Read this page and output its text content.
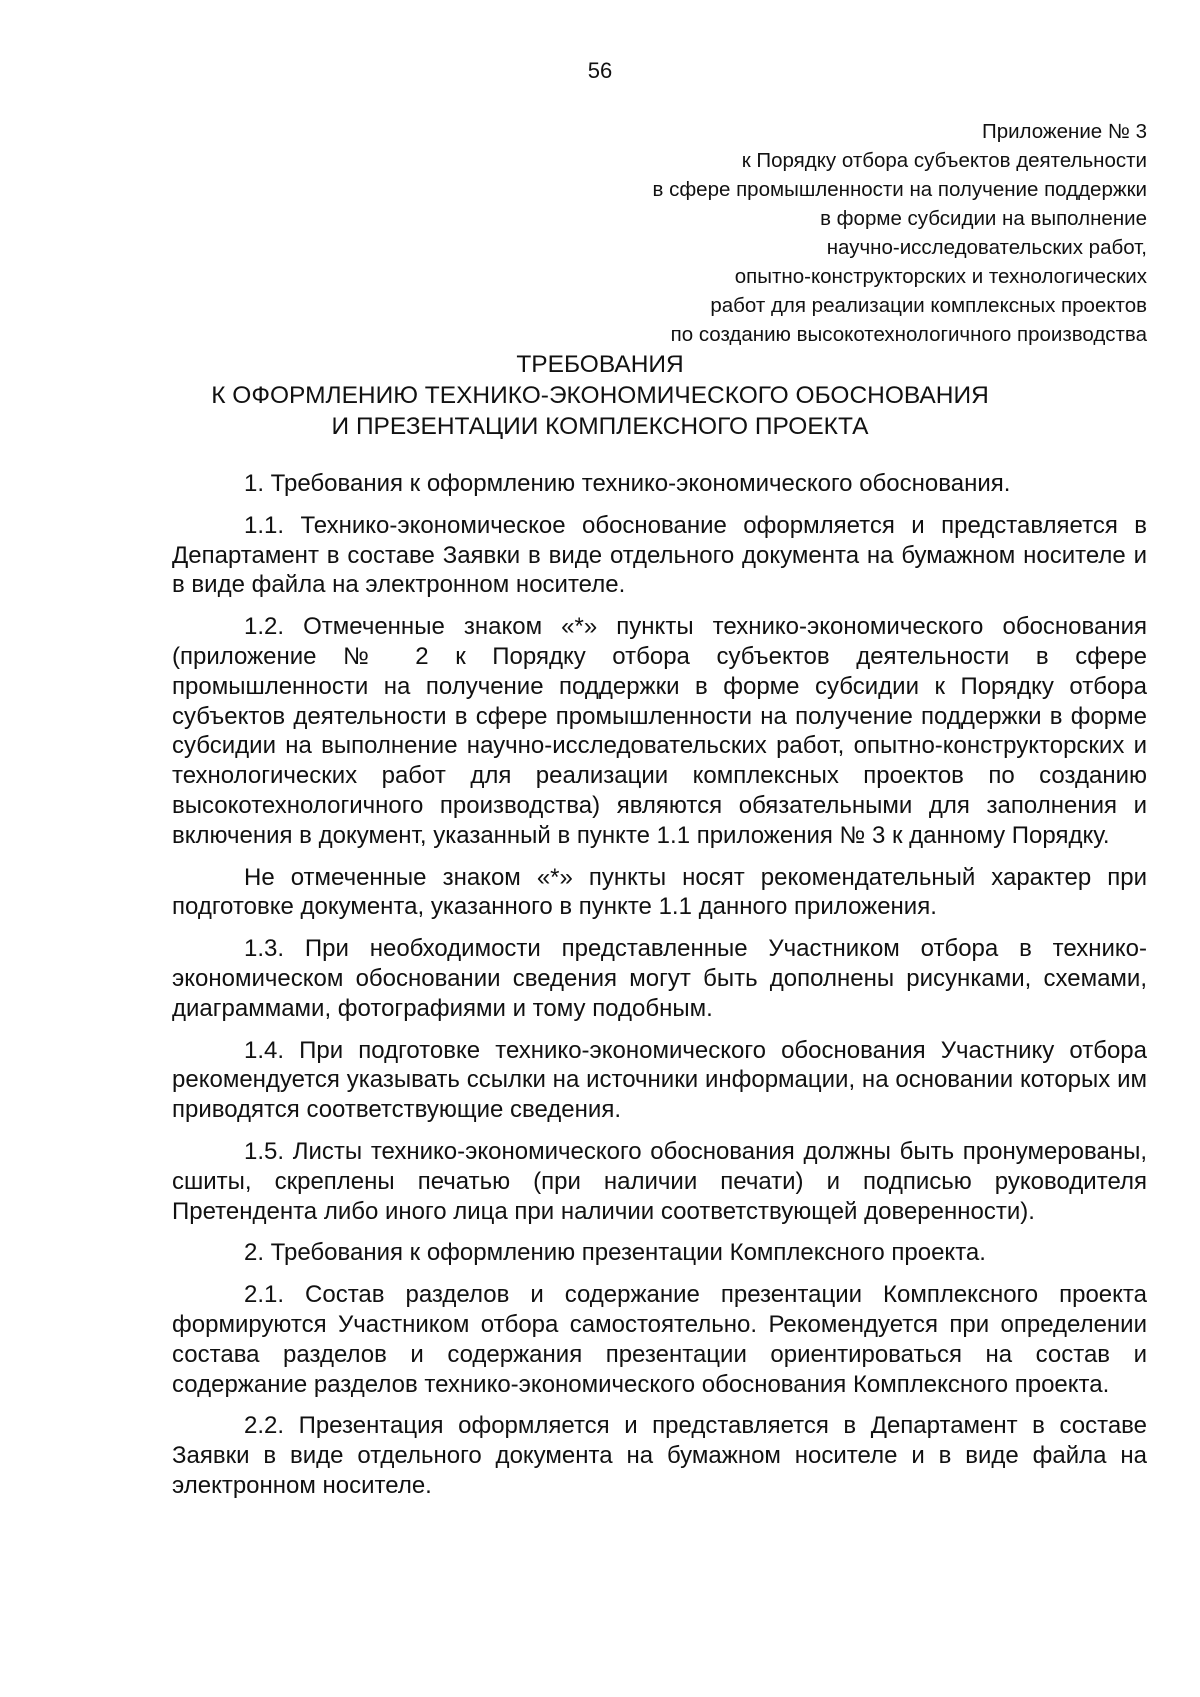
56
Приложение № 3
к Порядку отбора субъектов деятельности
в сфере промышленности на получение поддержки
в форме субсидии на выполнение
научно-исследовательских работ,
опытно-конструкторских и технологических
работ для реализации комплексных проектов
по созданию высокотехнологичного производства
ТРЕБОВАНИЯ
К ОФОРМЛЕНИЮ ТЕХНИКО-ЭКОНОМИЧЕСКОГО ОБОСНОВАНИЯ
И ПРЕЗЕНТАЦИИ КОМПЛЕКСНОГО ПРОЕКТА

1. Требования к оформлению технико-экономического обоснования.

1.1. Технико-экономическое обоснование оформляется и представляется в Департамент в составе Заявки в виде отдельного документа на бумажном носителе и в виде файла на электронном носителе.

1.2. Отмеченные знаком «*» пункты технико-экономического обоснования (приложение № 2 к Порядку отбора субъектов деятельности в сфере промышленности на получение поддержки в форме субсидии к Порядку отбора субъектов деятельности в сфере промышленности на получение поддержки в форме субсидии на выполнение научно-исследовательских работ, опытно-конструкторских и технологических работ для реализации комплексных проектов по созданию высокотехнологичного производства) являются обязательными для заполнения и включения в документ, указанный в пункте 1.1 приложения № 3 к данному Порядку.

Не отмеченные знаком «*» пункты носят рекомендательный характер при подготовке документа, указанного в пункте 1.1 данного приложения.

1.3. При необходимости представленные Участником отбора в технико-экономическом обосновании сведения могут быть дополнены рисунками, схемами, диаграммами, фотографиями и тому подобным.

1.4. При подготовке технико-экономического обоснования Участнику отбора рекомендуется указывать ссылки на источники информации, на основании которых им приводятся соответствующие сведения.

1.5. Листы технико-экономического обоснования должны быть пронумерованы, сшиты, скреплены печатью (при наличии печати) и подписью руководителя Претендента либо иного лица при наличии соответствующей доверенности).

2. Требования к оформлению презентации Комплексного проекта.

2.1. Состав разделов и содержание презентации Комплексного проекта формируются Участником отбора самостоятельно. Рекомендуется при определении состава разделов и содержания презентации ориентироваться на состав и содержание разделов технико-экономического обоснования Комплексного проекта.

2.2. Презентация оформляется и представляется в Департамент в составе Заявки в виде отдельного документа на бумажном носителе и в виде файла на электронном носителе.
